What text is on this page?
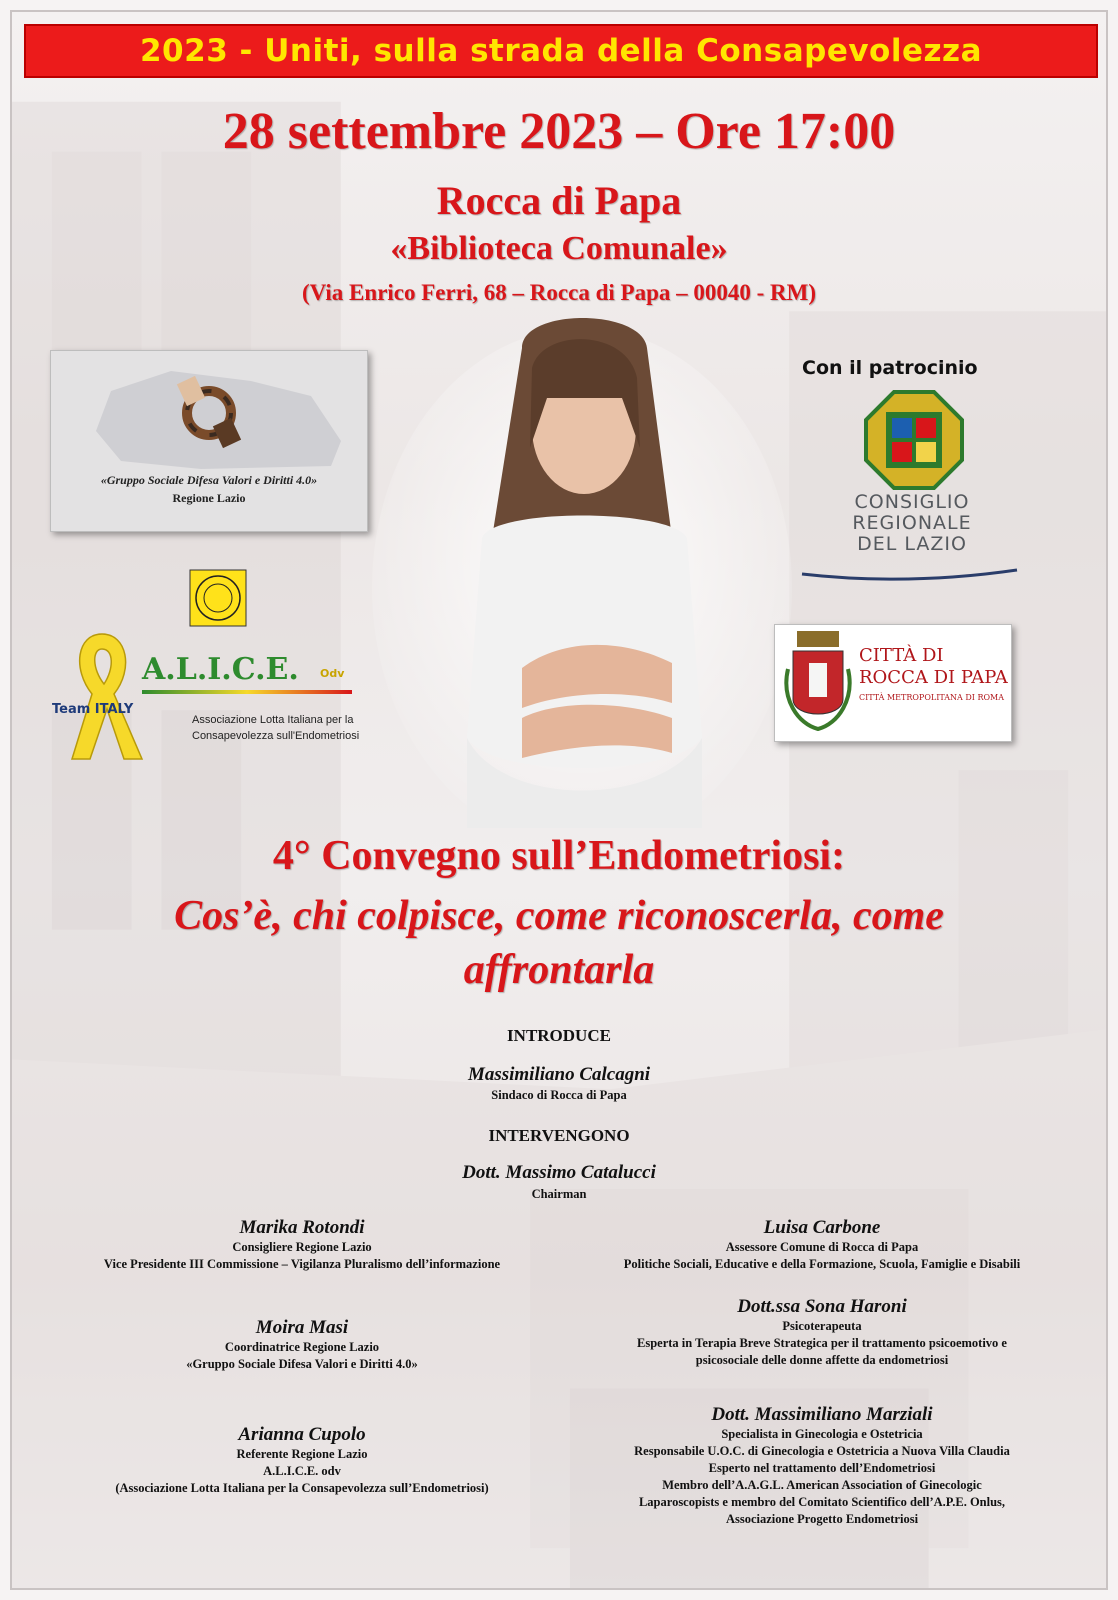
2023 - Uniti, sulla strada della Consapevolezza
28 settembre 2023 – Ore 17:00
Rocca di Papa
«Biblioteca Comunale»
(Via Enrico Ferri, 68 – Rocca di Papa – 00040 - RM)
«Gruppo Sociale Difesa Valori e Diritti 4.0»
Regione Lazio
Team ITALY
A.L.I.C.E. Odv
Associazione Lotta Italiana per la
Consapevolezza sull'Endometriosi
Con il patrocinio
CONSIGLIO
REGIONALE
DEL LAZIO
CITTÀ DI
ROCCA DI PAPA
CITTÀ METROPOLITANA DI ROMA
4° Convegno sull’Endometriosi:
Cos’è, chi colpisce, come riconoscerla, come
affrontarla
INTRODUCE
Massimiliano Calcagni
Sindaco di Rocca di Papa
INTERVENGONO
Dott. Massimo Catalucci
Chairman
Marika Rotondi
Consigliere Regione Lazio
Vice Presidente III Commissione – Vigilanza Pluralismo dell’informazione
Moira Masi
Coordinatrice Regione Lazio
«Gruppo Sociale Difesa Valori e Diritti 4.0»
Arianna Cupolo
Referente Regione Lazio
A.L.I.C.E. odv
(Associazione Lotta Italiana per la Consapevolezza sull’Endometriosi)
Luisa Carbone
Assessore Comune di Rocca di Papa
Politiche Sociali, Educative e della Formazione, Scuola, Famiglie e Disabili
Dott.ssa Sona Haroni
Psicoterapeuta
Esperta in Terapia Breve Strategica per il trattamento psicoemotivo e
psicosociale delle donne affette da endometriosi
Dott. Massimiliano Marziali
Specialista in Ginecologia e Ostetricia
Responsabile U.O.C. di Ginecologia e Ostetricia a Nuova Villa Claudia
Esperto nel trattamento dell’Endometriosi
Membro dell’A.A.G.L. American Association of Ginecologic
Laparoscopists e membro del Comitato Scientifico dell’A.P.E. Onlus,
Associazione Progetto Endometriosi
